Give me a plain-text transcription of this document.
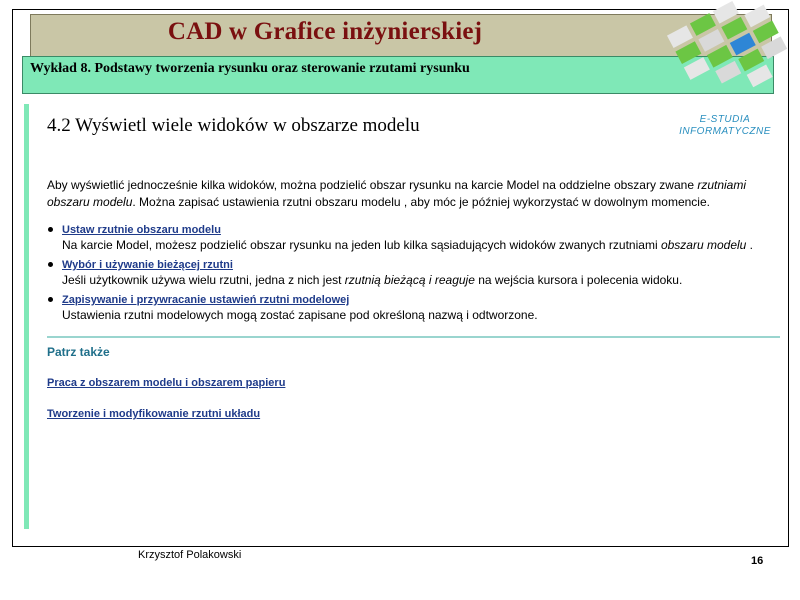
CAD w Grafice inżynierskiej
Wykład 8. Podstawy tworzenia rysunku oraz sterowanie rzutami rysunku
E-STUDIA
INFORMATYCZNE
4.2 Wyświetl wiele widoków w obszarze modelu
Aby wyświetlić jednocześnie kilka widoków, można podzielić obszar rysunku na karcie Model na oddzielne obszary zwane rzutniami obszaru modelu. Można zapisać ustawienia rzutni obszaru modelu , aby móc je później wykorzystać w dowolnym momencie.
Ustaw rzutnie obszaru modelu
Na karcie Model, możesz podzielić obszar rysunku na jeden lub kilka sąsiadujących widoków zwanych rzutniami obszaru modelu .
Wybór i używanie bieżącej rzutni
Jeśli użytkownik używa wielu rzutni, jedna z nich jest rzutnią bieżącą i reaguje na wejścia kursora i polecenia widoku.
Zapisywanie i przywracanie ustawień rzutni modelowej
Ustawienia rzutni modelowych mogą zostać zapisane pod określoną nazwą i odtworzone.
Patrz także
Praca z obszarem modelu i obszarem papieru
Tworzenie i modyfikowanie rzutni układu
Krzysztof Polakowski	16
